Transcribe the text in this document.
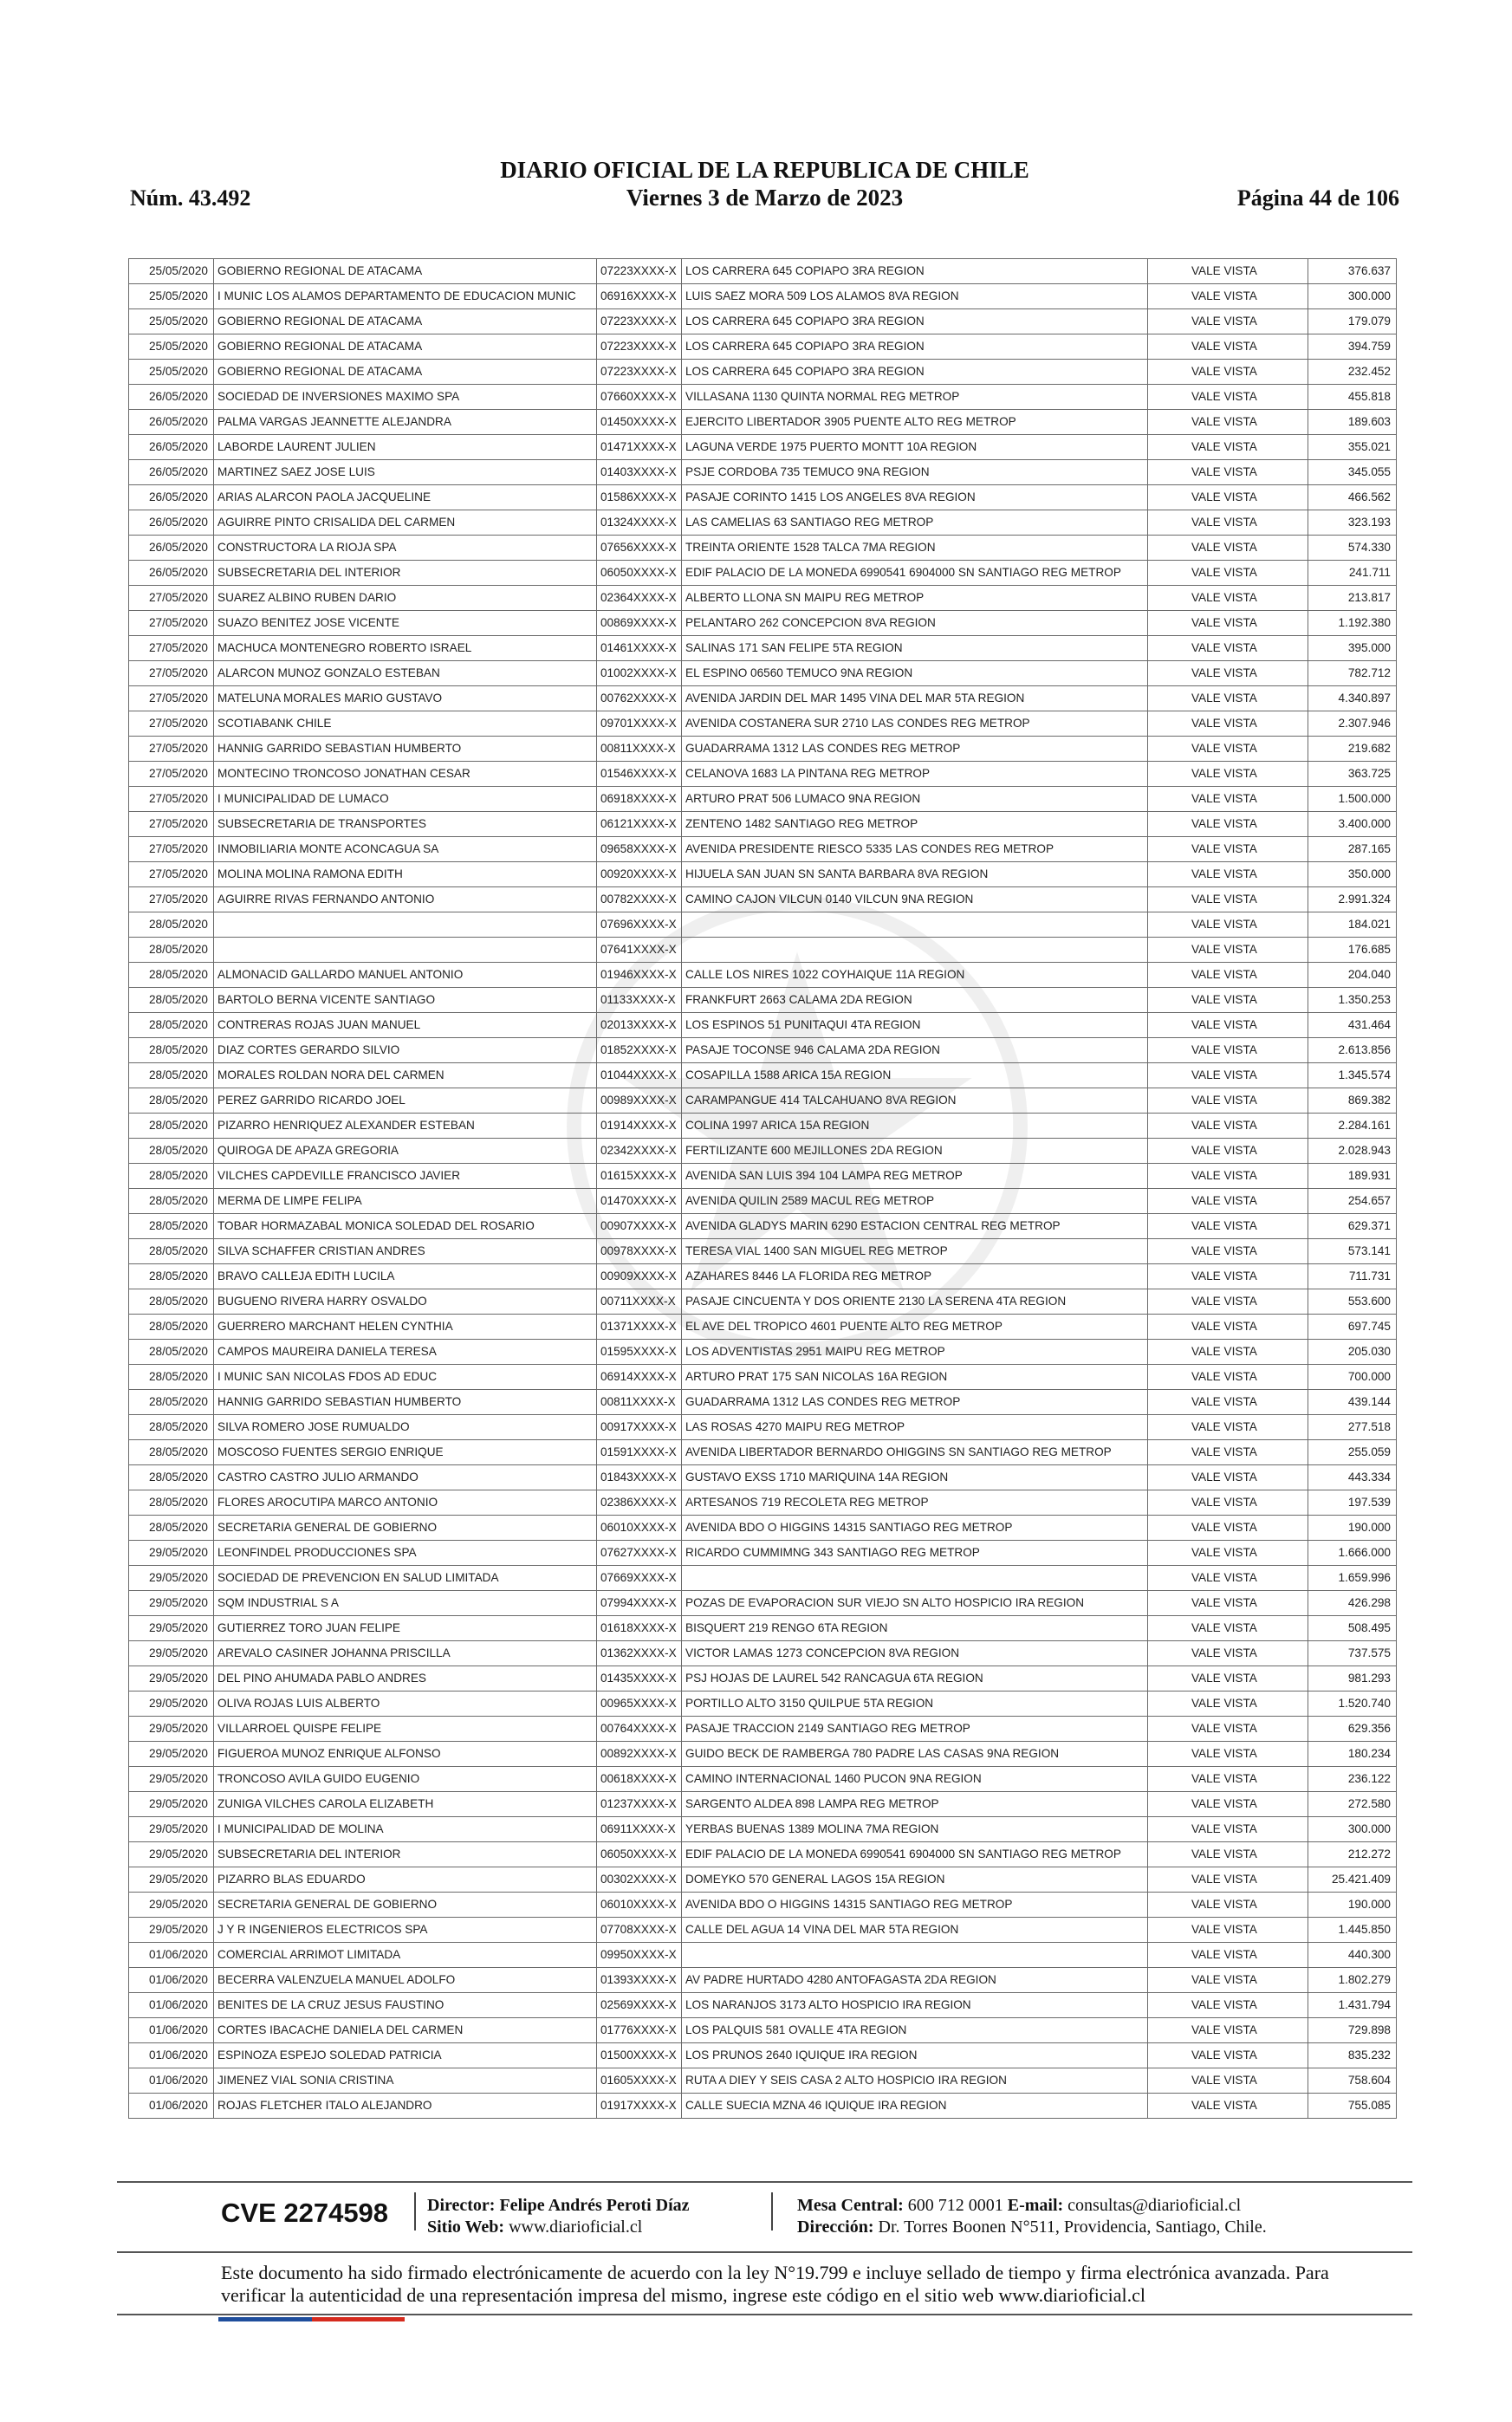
Núm. 43.492
DIARIO OFICIAL DE LA REPUBLICA DE CHILE
Viernes 3 de Marzo de 2023	Página 44 de 106
25/05/2020	GOBIERNO REGIONAL DE ATACAMA	07223XXXX-X	LOS CARRERA 645 COPIAPO 3RA REGION	VALE VISTA	376.637
25/05/2020	I MUNIC LOS ALAMOS DEPARTAMENTO DE EDUCACION MUNIC	06916XXXX-X	LUIS SAEZ MORA 509 LOS ALAMOS 8VA REGION	VALE VISTA	300.000
25/05/2020	GOBIERNO REGIONAL DE ATACAMA	07223XXXX-X	LOS CARRERA 645 COPIAPO 3RA REGION	VALE VISTA	179.079
25/05/2020	GOBIERNO REGIONAL DE ATACAMA	07223XXXX-X	LOS CARRERA 645 COPIAPO 3RA REGION	VALE VISTA	394.759
25/05/2020	GOBIERNO REGIONAL DE ATACAMA	07223XXXX-X	LOS CARRERA 645 COPIAPO 3RA REGION	VALE VISTA	232.452
26/05/2020	SOCIEDAD DE INVERSIONES MAXIMO SPA	07660XXXX-X	VILLASANA 1130 QUINTA NORMAL REG METROP	VALE VISTA	455.818
26/05/2020	PALMA VARGAS JEANNETTE ALEJANDRA	01450XXXX-X	EJERCITO LIBERTADOR 3905 PUENTE ALTO REG METROP	VALE VISTA	189.603
26/05/2020	LABORDE LAURENT JULIEN	01471XXXX-X	LAGUNA VERDE 1975 PUERTO MONTT 10A REGION	VALE VISTA	355.021
26/05/2020	MARTINEZ SAEZ JOSE LUIS	01403XXXX-X	PSJE CORDOBA 735 TEMUCO 9NA REGION	VALE VISTA	345.055
26/05/2020	ARIAS ALARCON PAOLA JACQUELINE	01586XXXX-X	PASAJE CORINTO 1415 LOS ANGELES 8VA REGION	VALE VISTA	466.562
26/05/2020	AGUIRRE PINTO CRISALIDA DEL CARMEN	01324XXXX-X	LAS CAMELIAS 63 SANTIAGO REG METROP	VALE VISTA	323.193
26/05/2020	CONSTRUCTORA LA RIOJA SPA	07656XXXX-X	TREINTA ORIENTE 1528 TALCA 7MA REGION	VALE VISTA	574.330
26/05/2020	SUBSECRETARIA DEL INTERIOR	06050XXXX-X	EDIF PALACIO DE LA MONEDA 6990541 6904000 SN SANTIAGO REG METROP	VALE VISTA	241.711
27/05/2020	SUAREZ ALBINO RUBEN DARIO	02364XXXX-X	ALBERTO LLONA SN MAIPU REG METROP	VALE VISTA	213.817
27/05/2020	SUAZO BENITEZ JOSE VICENTE	00869XXXX-X	PELANTARO 262 CONCEPCION 8VA REGION	VALE VISTA	1.192.380
27/05/2020	MACHUCA MONTENEGRO ROBERTO ISRAEL	01461XXXX-X	SALINAS 171 SAN FELIPE 5TA REGION	VALE VISTA	395.000
27/05/2020	ALARCON MUNOZ GONZALO ESTEBAN	01002XXXX-X	EL ESPINO 06560 TEMUCO 9NA REGION	VALE VISTA	782.712
27/05/2020	MATELUNA MORALES MARIO GUSTAVO	00762XXXX-X	AVENIDA JARDIN DEL MAR 1495 VINA DEL MAR 5TA REGION	VALE VISTA	4.340.897
27/05/2020	SCOTIABANK CHILE	09701XXXX-X	AVENIDA COSTANERA SUR 2710 LAS CONDES REG METROP	VALE VISTA	2.307.946
27/05/2020	HANNIG GARRIDO SEBASTIAN HUMBERTO	00811XXXX-X	GUADARRAMA 1312 LAS CONDES REG METROP	VALE VISTA	219.682
27/05/2020	MONTECINO TRONCOSO JONATHAN CESAR	01546XXXX-X	CELANOVA 1683 LA PINTANA REG METROP	VALE VISTA	363.725
27/05/2020	I MUNICIPALIDAD DE LUMACO	06918XXXX-X	ARTURO PRAT 506 LUMACO 9NA REGION	VALE VISTA	1.500.000
27/05/2020	SUBSECRETARIA DE TRANSPORTES	06121XXXX-X	ZENTENO 1482 SANTIAGO REG METROP	VALE VISTA	3.400.000
27/05/2020	INMOBILIARIA MONTE ACONCAGUA SA	09658XXXX-X	AVENIDA PRESIDENTE RIESCO 5335 LAS CONDES REG METROP	VALE VISTA	287.165
27/05/2020	MOLINA MOLINA RAMONA EDITH	00920XXXX-X	HIJUELA SAN JUAN SN SANTA BARBARA 8VA REGION	VALE VISTA	350.000
27/05/2020	AGUIRRE RIVAS FERNANDO ANTONIO	00782XXXX-X	CAMINO CAJON VILCUN 0140 VILCUN 9NA REGION	VALE VISTA	2.991.324
28/05/2020		07696XXXX-X		VALE VISTA	184.021
28/05/2020		07641XXXX-X		VALE VISTA	176.685
28/05/2020	ALMONACID GALLARDO MANUEL ANTONIO	01946XXXX-X	CALLE LOS NIRES 1022 COYHAIQUE 11A REGION	VALE VISTA	204.040
28/05/2020	BARTOLO BERNA VICENTE SANTIAGO	01133XXXX-X	FRANKFURT 2663 CALAMA 2DA REGION	VALE VISTA	1.350.253
28/05/2020	CONTRERAS ROJAS JUAN MANUEL	02013XXXX-X	LOS ESPINOS 51 PUNITAQUI 4TA REGION	VALE VISTA	431.464
28/05/2020	DIAZ CORTES GERARDO SILVIO	01852XXXX-X	PASAJE TOCONSE 946 CALAMA 2DA REGION	VALE VISTA	2.613.856
28/05/2020	MORALES ROLDAN NORA DEL CARMEN	01044XXXX-X	COSAPILLA 1588 ARICA 15A REGION	VALE VISTA	1.345.574
28/05/2020	PEREZ GARRIDO RICARDO JOEL	00989XXXX-X	CARAMPANGUE 414 TALCAHUANO 8VA REGION	VALE VISTA	869.382
28/05/2020	PIZARRO HENRIQUEZ ALEXANDER ESTEBAN	01914XXXX-X	COLINA 1997 ARICA 15A REGION	VALE VISTA	2.284.161
28/05/2020	QUIROGA DE APAZA GREGORIA	02342XXXX-X	FERTILIZANTE 600 MEJILLONES 2DA REGION	VALE VISTA	2.028.943
28/05/2020	VILCHES CAPDEVILLE FRANCISCO JAVIER	01615XXXX-X	AVENIDA SAN LUIS 394 104 LAMPA REG METROP	VALE VISTA	189.931
28/05/2020	MERMA DE LIMPE FELIPA	01470XXXX-X	AVENIDA QUILIN 2589 MACUL REG METROP	VALE VISTA	254.657
28/05/2020	TOBAR HORMAZABAL MONICA SOLEDAD DEL ROSARIO	00907XXXX-X	AVENIDA GLADYS MARIN 6290 ESTACION CENTRAL REG METROP	VALE VISTA	629.371
28/05/2020	SILVA SCHAFFER CRISTIAN ANDRES	00978XXXX-X	TERESA VIAL 1400 SAN MIGUEL REG METROP	VALE VISTA	573.141
28/05/2020	BRAVO CALLEJA EDITH LUCILA	00909XXXX-X	AZAHARES 8446 LA FLORIDA REG METROP	VALE VISTA	711.731
28/05/2020	BUGUENO RIVERA HARRY OSVALDO	00711XXXX-X	PASAJE CINCUENTA Y DOS ORIENTE 2130 LA SERENA 4TA REGION	VALE VISTA	553.600
28/05/2020	GUERRERO MARCHANT HELEN CYNTHIA	01371XXXX-X	EL AVE DEL TROPICO 4601 PUENTE ALTO REG METROP	VALE VISTA	697.745
28/05/2020	CAMPOS MAUREIRA DANIELA TERESA	01595XXXX-X	LOS ADVENTISTAS 2951 MAIPU REG METROP	VALE VISTA	205.030
28/05/2020	I MUNIC SAN NICOLAS FDOS AD EDUC	06914XXXX-X	ARTURO PRAT 175 SAN NICOLAS 16A REGION	VALE VISTA	700.000
28/05/2020	HANNIG GARRIDO SEBASTIAN HUMBERTO	00811XXXX-X	GUADARRAMA 1312 LAS CONDES REG METROP	VALE VISTA	439.144
28/05/2020	SILVA ROMERO JOSE RUMUALDO	00917XXXX-X	LAS ROSAS 4270 MAIPU REG METROP	VALE VISTA	277.518
28/05/2020	MOSCOSO FUENTES SERGIO ENRIQUE	01591XXXX-X	AVENIDA LIBERTADOR BERNARDO OHIGGINS SN SANTIAGO REG METROP	VALE VISTA	255.059
28/05/2020	CASTRO CASTRO JULIO ARMANDO	01843XXXX-X	GUSTAVO EXSS 1710 MARIQUINA 14A REGION	VALE VISTA	443.334
28/05/2020	FLORES AROCUTIPA MARCO ANTONIO	02386XXXX-X	ARTESANOS 719 RECOLETA REG METROP	VALE VISTA	197.539
28/05/2020	SECRETARIA GENERAL DE GOBIERNO	06010XXXX-X	AVENIDA BDO O HIGGINS 14315 SANTIAGO REG METROP	VALE VISTA	190.000
29/05/2020	LEONFINDEL PRODUCCIONES SPA	07627XXXX-X	RICARDO CUMMIMNG 343 SANTIAGO REG METROP	VALE VISTA	1.666.000
29/05/2020	SOCIEDAD DE PREVENCION EN SALUD LIMITADA	07669XXXX-X		VALE VISTA	1.659.996
29/05/2020	SQM INDUSTRIAL S A	07994XXXX-X	POZAS DE EVAPORACION SUR VIEJO SN ALTO HOSPICIO IRA REGION	VALE VISTA	426.298
29/05/2020	GUTIERREZ TORO JUAN FELIPE	01618XXXX-X	BISQUERT 219 RENGO 6TA REGION	VALE VISTA	508.495
29/05/2020	AREVALO CASINER JOHANNA PRISCILLA	01362XXXX-X	VICTOR LAMAS 1273 CONCEPCION 8VA REGION	VALE VISTA	737.575
29/05/2020	DEL PINO AHUMADA PABLO ANDRES	01435XXXX-X	PSJ HOJAS DE LAUREL 542 RANCAGUA 6TA REGION	VALE VISTA	981.293
29/05/2020	OLIVA ROJAS LUIS ALBERTO	00965XXXX-X	PORTILLO ALTO 3150 QUILPUE 5TA REGION	VALE VISTA	1.520.740
29/05/2020	VILLARROEL QUISPE FELIPE	00764XXXX-X	PASAJE TRACCION 2149 SANTIAGO REG METROP	VALE VISTA	629.356
29/05/2020	FIGUEROA MUNOZ ENRIQUE ALFONSO	00892XXXX-X	GUIDO BECK DE RAMBERGA 780 PADRE LAS CASAS 9NA REGION	VALE VISTA	180.234
29/05/2020	TRONCOSO AVILA GUIDO EUGENIO	00618XXXX-X	CAMINO INTERNACIONAL 1460 PUCON 9NA REGION	VALE VISTA	236.122
29/05/2020	ZUNIGA VILCHES CAROLA ELIZABETH	01237XXXX-X	SARGENTO ALDEA 898 LAMPA REG METROP	VALE VISTA	272.580
29/05/2020	I MUNICIPALIDAD DE MOLINA	06911XXXX-X	YERBAS BUENAS 1389 MOLINA 7MA REGION	VALE VISTA	300.000
29/05/2020	SUBSECRETARIA DEL INTERIOR	06050XXXX-X	EDIF PALACIO DE LA MONEDA 6990541 6904000 SN SANTIAGO REG METROP	VALE VISTA	212.272
29/05/2020	PIZARRO BLAS EDUARDO	00302XXXX-X	DOMEYKO 570 GENERAL LAGOS 15A REGION	VALE VISTA	25.421.409
29/05/2020	SECRETARIA GENERAL DE GOBIERNO	06010XXXX-X	AVENIDA BDO O HIGGINS 14315 SANTIAGO REG METROP	VALE VISTA	190.000
29/05/2020	J Y R INGENIEROS ELECTRICOS SPA	07708XXXX-X	CALLE DEL AGUA 14 VINA DEL MAR 5TA REGION	VALE VISTA	1.445.850
01/06/2020	COMERCIAL ARRIMOT LIMITADA	09950XXXX-X		VALE VISTA	440.300
01/06/2020	BECERRA VALENZUELA MANUEL ADOLFO	01393XXXX-X	AV PADRE HURTADO 4280 ANTOFAGASTA 2DA REGION	VALE VISTA	1.802.279
01/06/2020	BENITES DE LA CRUZ JESUS FAUSTINO	02569XXXX-X	LOS NARANJOS 3173 ALTO HOSPICIO IRA REGION	VALE VISTA	1.431.794
01/06/2020	CORTES IBACACHE DANIELA DEL CARMEN	01776XXXX-X	LOS PALQUIS 581 OVALLE 4TA REGION	VALE VISTA	729.898
01/06/2020	ESPINOZA ESPEJO SOLEDAD PATRICIA	01500XXXX-X	LOS PRUNOS 2640 IQUIQUE IRA REGION	VALE VISTA	835.232
01/06/2020	JIMENEZ VIAL SONIA CRISTINA	01605XXXX-X	RUTA A DIEY Y SEIS CASA 2 ALTO HOSPICIO IRA REGION	VALE VISTA	758.604
01/06/2020	ROJAS FLETCHER ITALO ALEJANDRO	01917XXXX-X	CALLE SUECIA MZNA 46 IQUIQUE IRA REGION	VALE VISTA	755.085
CVE 2274598 Director: Felipe Andrés Peroti Díaz
Sitio Web: www.diarioficial.cl
Mesa Central: 600 712 0001 E-mail: consultas@diarioficial.cl
Dirección: Dr. Torres Boonen N°511, Providencia, Santiago, Chile.
Este documento ha sido firmado electrónicamente de acuerdo con la ley N°19.799 e incluye sellado de tiempo y firma electrónica avanzada. Para verificar la autenticidad de una representación impresa del mismo, ingrese este código en el sitio web www.diarioficial.cl
